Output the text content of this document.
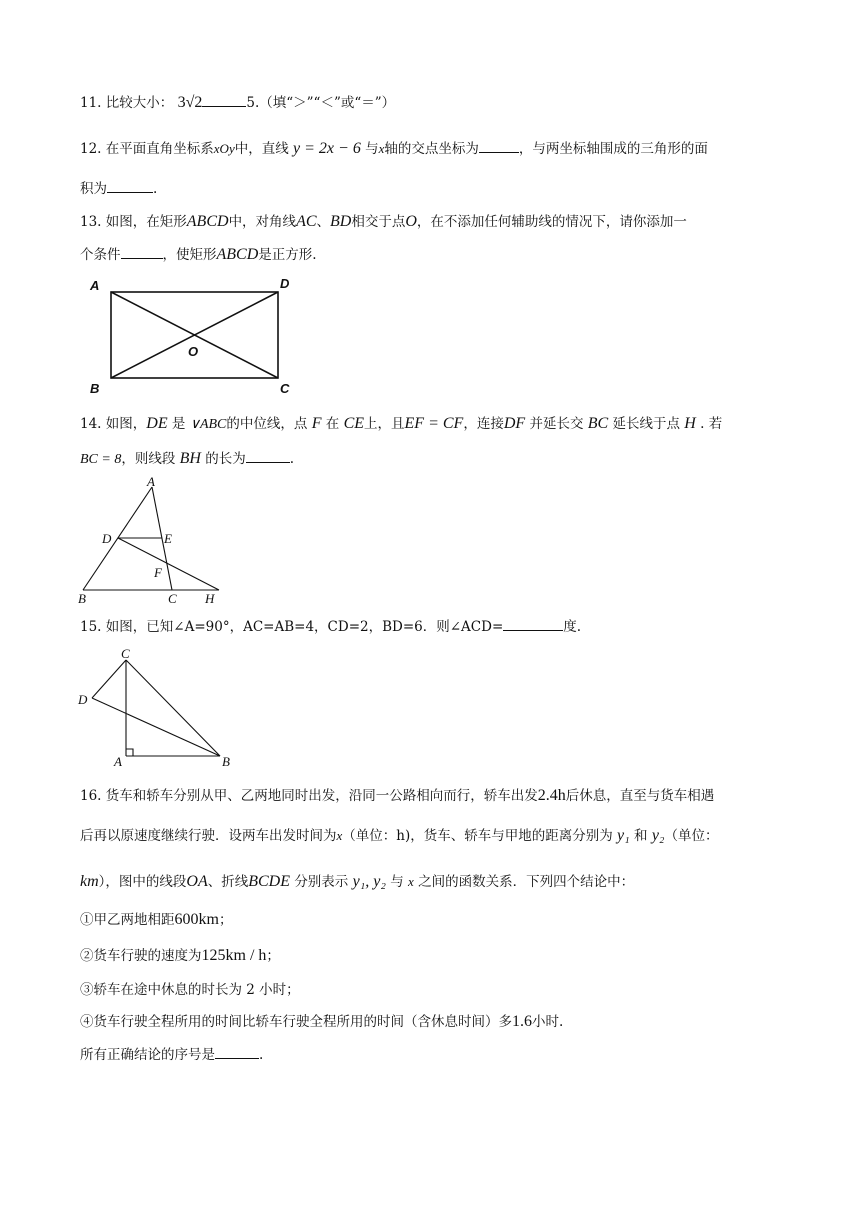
11. 比较大小： 3√2	5.（填“＞”“＜”或“＝”）
12. 在平面直角坐标系xOy中，直线 y = 2x − 6 与x轴的交点坐标为	，与两坐标轴围成的三角形的面
积为	.
13. 如图，在矩形ABCD中，对角线AC、BD相交于点O，在不添加任何辅助线的情况下，请你添加一
个条件	，使矩形ABCD是正方形.
A	D
O
B	C
14. 如图，DE 是 ∨ABC的中位线，点 F 在 CE上，且EF = CF，连接DF 并延长交 BC 延长线于点 H . 若
BC = 8，则线段 BH 的长为	.
A
D	E
F
B	C H
15. 如图，已知∠A=90°，AC=AB=4，CD=2，BD=6．则∠ACD=	度.
C
D
A	B
16. 货车和轿车分别从甲、乙两地同时出发，沿同一公路相向而行，轿车出发2.4h后休息，直至与货车相遇
后再以原速度继续行驶．设两车出发时间为x（单位：h)，货车、轿车与甲地的距离分别为 y₁ 和 y₂（单位：
km），图中的线段OA、折线BCDE 分别表示 y₁, y₂ 与 x 之间的函数关系．下列四个结论中：
①甲乙两地相距600km；
②货车行驶的速度为125km / h；
③轿车在途中休息的时长为 2 小时；
④货车行驶全程所用的时间比轿车行驶全程所用的时间（含休息时间）多1.6小时.
所有正确结论的序号是	.
